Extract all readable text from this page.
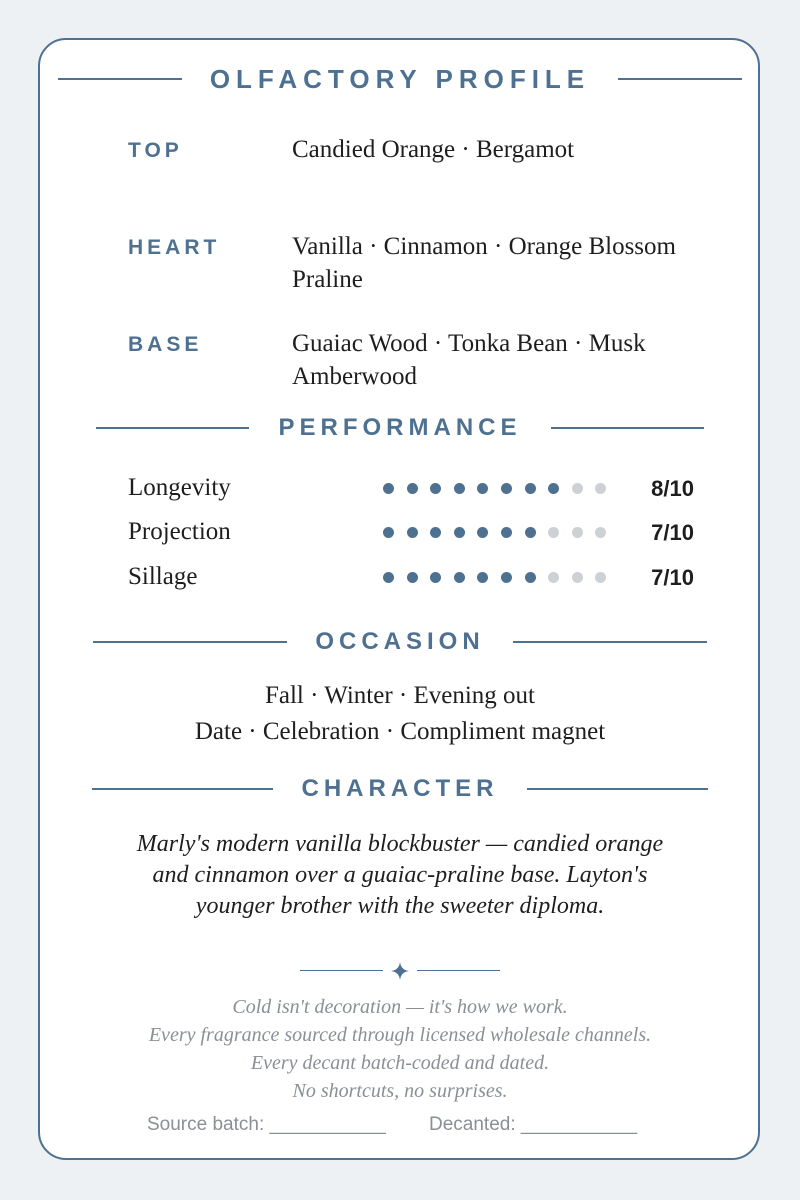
OLFACTORY PROFILE
TOP	Candied Orange · Bergamot
HEART	Vanilla · Cinnamon · Orange Blossom
Praline
BASE	Guaiac Wood · Tonka Bean · Musk
Amberwood
PERFORMANCE
Longevity	8/10
Projection	7/10
Sillage	7/10
OCCASION
Fall · Winter · Evening out
Date · Celebration · Compliment magnet
CHARACTER
Marly's modern vanilla blockbuster — candied orange
and cinnamon over a guaiac-praline base. Layton's
younger brother with the sweeter diploma.
Cold isn't decoration — it's how we work.
Every fragrance sourced through licensed wholesale channels.
Every decant batch-coded and dated.
No shortcuts, no surprises.
Source batch: ___________ Decanted: ___________
